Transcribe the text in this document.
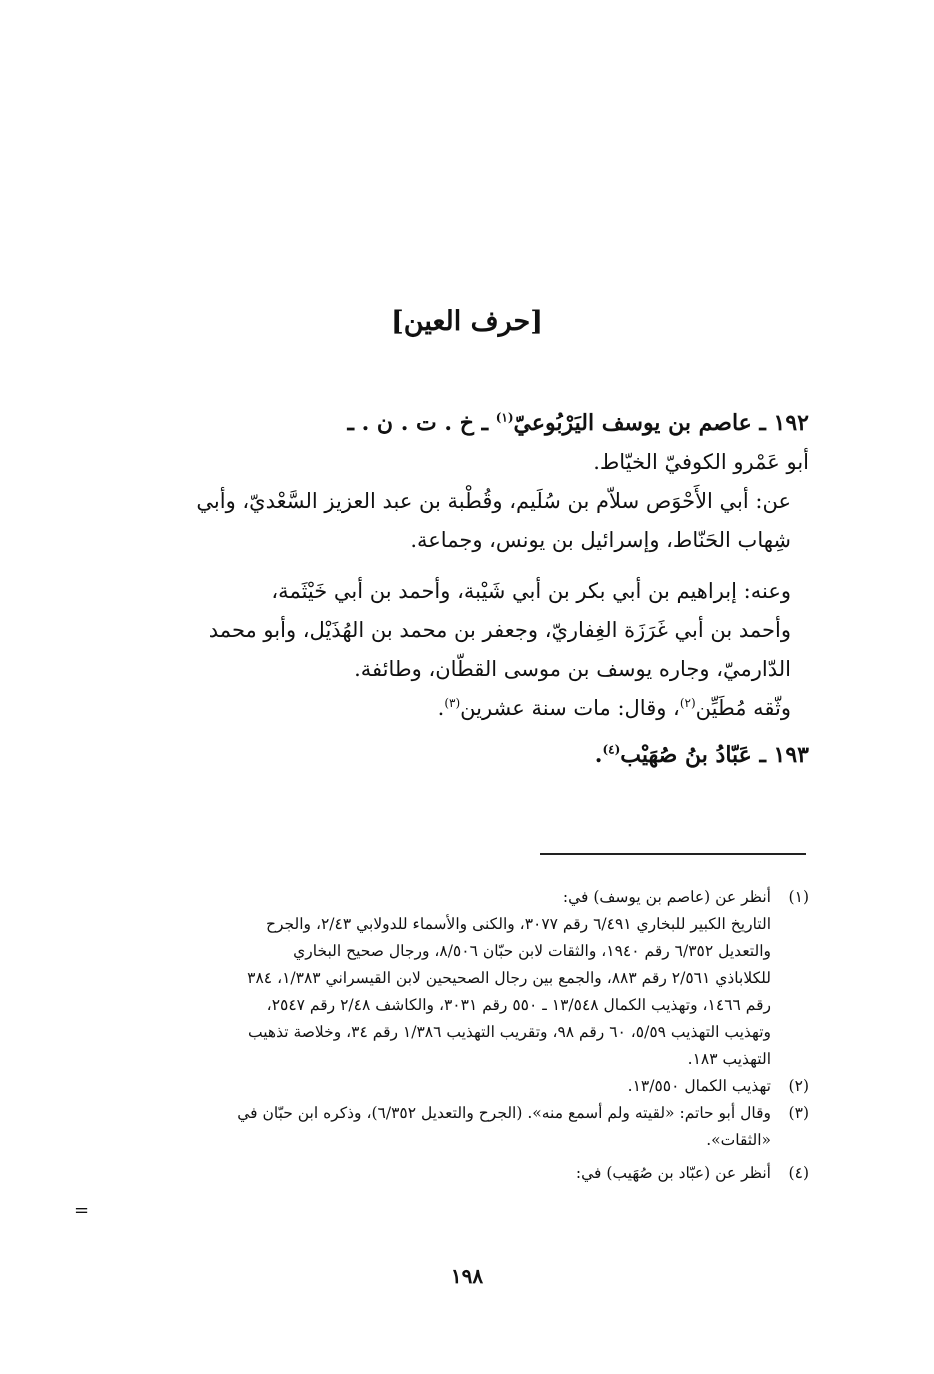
[حرف العين]

١٩٢ ـ عاصم بن يوسف اليَرْبُوعيّ$^{(١)}$ ـ خ . ت . ن . ـ

أبو عَمْرو الكوفيّ الخيّاط.

عن: أبي الأَحْوَص سلاّم بن سُلَيم، وقُطْبة بن عبد العزيز السَّعْديّ، وأبي
شِهاب الحَنّاط، وإسرائيل بن يونس، وجماعة.
وعنه: إبراهيم بن أبي بكر بن أبي شَيْبة، وأحمد بن أبي خَيْثَمة،
وأحمد بن أبي غَرَزَة الغِفاريّ، وجعفر بن محمد بن الهُذَيْل، وأبو محمد
الدّارميّ، وجاره يوسف بن موسى القطّان، وطائفة.

وثّقه مُطَيِّن$^{(٢)}$، وقال: مات سنة عشرين$^{(٣)}$.

١٩٣ ـ عَبّادُ بنُ صُهَيْب$^{(٤)}$.

(١)
أنظر عن (عاصم بن يوسف) في:
التاريخ الكبير للبخاري ٦/٤٩١ رقم ٣٠٧٧، والكنى والأسماء للدولابي ٢/٤٣، والجرح
والتعديل ٦/٣٥٢ رقم ١٩٤٠، والثقات لابن حبّان ٨/٥٠٦، ورجال صحيح البخاري
للكلاباذي ٢/٥٦١ رقم ٨٨٣، والجمع بين رجال الصحيحين لابن القيسراني ١/٣٨٣، ٣٨٤
رقم ١٤٦٦، وتهذيب الكمال ١٣/٥٤٨ ـ ٥٥٠ رقم ٣٠٣١، والكاشف ٢/٤٨ رقم ٢٥٤٧،
وتهذيب التهذيب ٥/٥٩، ٦٠ رقم ٩٨، وتقريب التهذيب ١/٣٨٦ رقم ٣٤، وخلاصة تذهيب
التهذيب ١٨٣.
(٢)
تهذيب الكمال ١٣/٥٥٠.
(٣)
وقال أبو حاتم: «لقيته ولم أسمع منه». (الجرح والتعديل ٦/٣٥٢)، وذكره ابن حبّان في
«الثقات».
(٤)
أنظر عن (عبّاد بن صُهَيب) في:
=
١٩٨
